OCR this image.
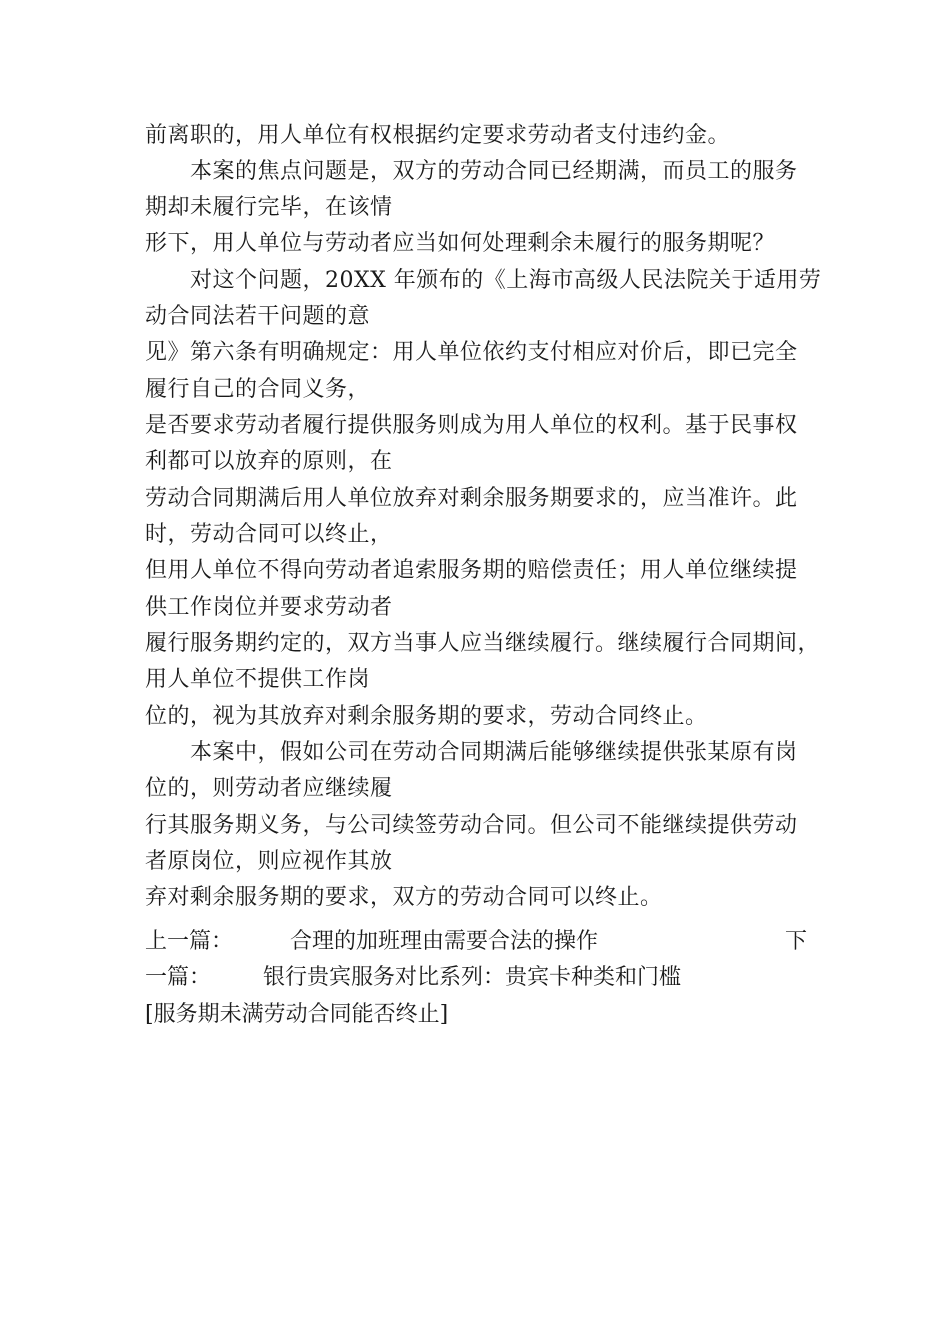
前离职的，用人单位有权根据约定要求劳动者支付违约金。
本案的焦点问题是，双方的劳动合同已经期满，而员工的服务
期却未履行完毕，在该情
形下，用人单位与劳动者应当如何处理剩余未履行的服务期呢？
对这个问题，20XX 年颁布的《上海市高级人民法院关于适用劳
动合同法若干问题的意
见》第六条有明确规定：用人单位依约支付相应对价后，即已完全
履行自己的合同义务，
是否要求劳动者履行提供服务则成为用人单位的权利。基于民事权
利都可以放弃的原则，在
劳动合同期满后用人单位放弃对剩余服务期要求的，应当准许。此
时，劳动合同可以终止，
但用人单位不得向劳动者追索服务期的赔偿责任；用人单位继续提
供工作岗位并要求劳动者
履行服务期约定的，双方当事人应当继续履行。继续履行合同期间，
用人单位不提供工作岗
位的，视为其放弃对剩余服务期的要求，劳动合同终止。
本案中，假如公司在劳动合同期满后能够继续提供张某原有岗
位的，则劳动者应继续履
行其服务期义务，与公司续签劳动合同。但公司不能继续提供劳动
者原岗位，则应视作其放
弃对剩余服务期的要求，双方的劳动合同可以终止。
上一篇：	合理的加班理由需要合法的操作	下
一篇： 银行贵宾服务对比系列：贵宾卡种类和门槛
[服务期未满劳动合同能否终止]
